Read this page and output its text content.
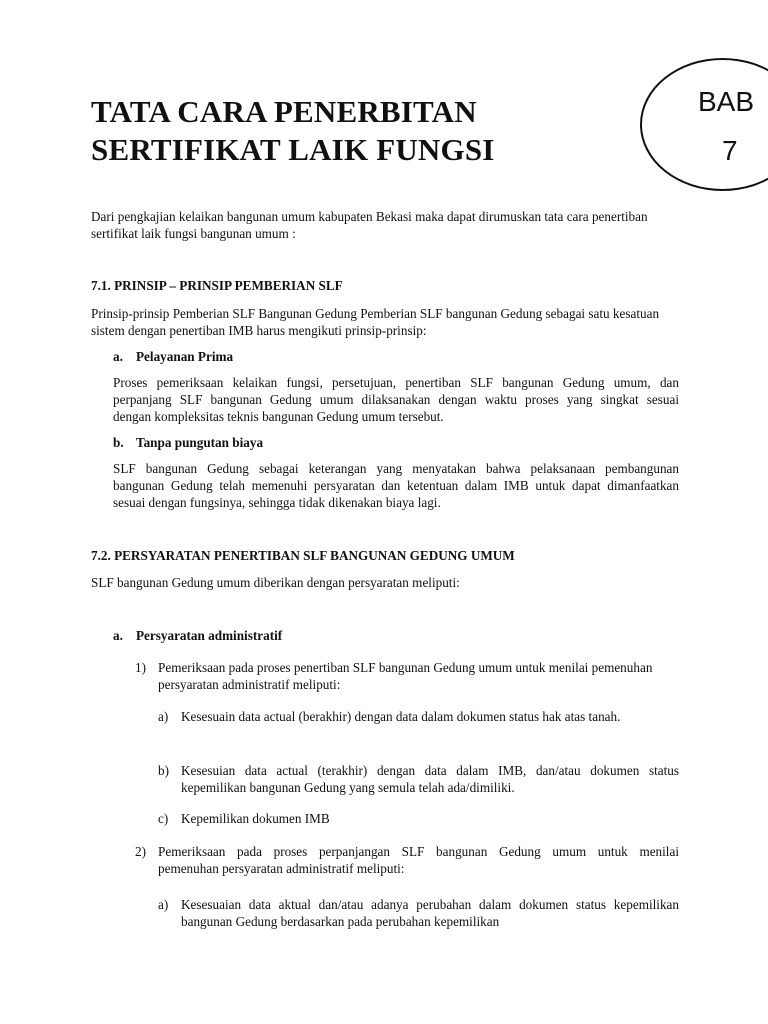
BAB
7
TATA CARA PENERBITAN
SERTIFIKAT LAIK FUNGSI
Dari pengkajian kelaikan bangunan umum kabupaten Bekasi maka dapat dirumuskan tata cara penertiban
sertifikat laik fungsi bangunan umum :
7.1. PRINSIP – PRINSIP PEMBERIAN SLF
Prinsip-prinsip Pemberian SLF Bangunan Gedung Pemberian SLF bangunan Gedung sebagai satu kesatuan
sistem dengan penertiban IMB harus mengikuti prinsip-prinsip:
a. Pelayanan Prima
Proses pemeriksaan kelaikan fungsi, persetujuan, penertiban SLF bangunan Gedung umum, dan
perpanjang SLF bangunan Gedung umum dilaksanakan dengan waktu proses yang singkat sesuai
dengan kompleksitas teknis bangunan Gedung umum tersebut.
b. Tanpa pungutan biaya
SLF bangunan Gedung sebagai keterangan yang menyatakan bahwa pelaksanaan pembangunan
bangunan Gedung telah memenuhi persyaratan dan ketentuan dalam IMB untuk dapat dimanfaatkan
sesuai dengan fungsinya, sehingga tidak dikenakan biaya lagi.
7.2. PERSYARATAN PENERTIBAN SLF BANGUNAN GEDUNG UMUM
SLF bangunan Gedung umum diberikan dengan persyaratan meliputi:
a. Persyaratan administratif
1) Pemeriksaan pada proses penertiban SLF bangunan Gedung umum untuk menilai pemenuhan
persyaratan administratif meliputi:
a) Kesesuain data actual (berakhir) dengan data dalam dokumen status hak atas tanah.
b) Kesesuian data actual (terakhir) dengan data dalam IMB, dan/atau dokumen status
kepemilikan bangunan Gedung yang semula telah ada/dimiliki.
c) Kepemilikan dokumen IMB
2) Pemeriksaan pada proses perpanjangan SLF bangunan Gedung umum untuk menilai
pemenuhan persyaratan administratif meliputi:
a) Kesesuaian data aktual dan/atau adanya perubahan dalam dokumen status kepemilikan
bangunan Gedung berdasarkan pada perubahan kepemilikan
